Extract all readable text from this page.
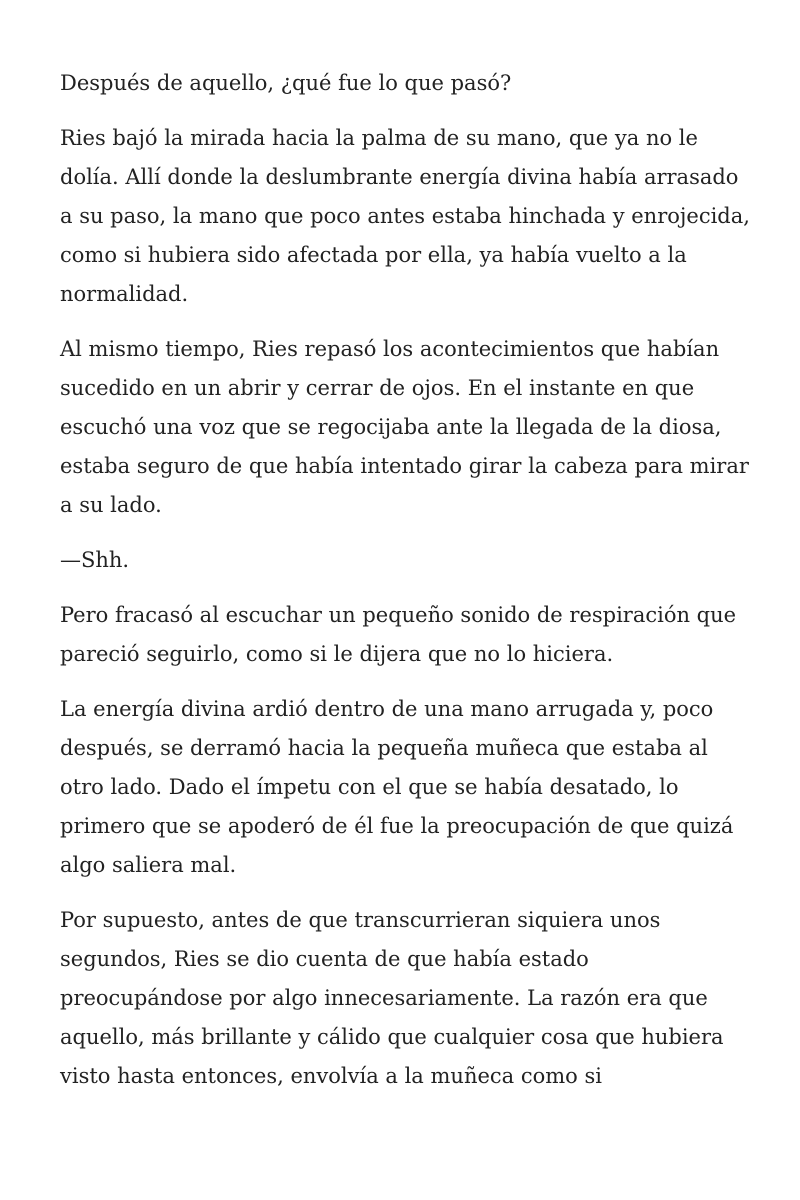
Después de aquello, ¿qué fue lo que pasó?

Ries bajó la mirada hacia la palma de su mano, que ya no le dolía. Allí donde la deslumbrante energía divina había arrasado a su paso, la mano que poco antes estaba hinchada y enrojecida, como si hubiera sido afectada por ella, ya había vuelto a la normalidad.

Al mismo tiempo, Ries repasó los acontecimientos que habían sucedido en un abrir y cerrar de ojos. En el instante en que escuchó una voz que se regocijaba ante la llegada de la diosa, estaba seguro de que había intentado girar la cabeza para mirar a su lado.

—Shh.

Pero fracasó al escuchar un pequeño sonido de respiración que pareció seguirlo, como si le dijera que no lo hiciera.

La energía divina ardió dentro de una mano arrugada y, poco después, se derramó hacia la pequeña muñeca que estaba al otro lado. Dado el ímpetu con el que se había desatado, lo primero que se apoderó de él fue la preocupación de que quizá algo saliera mal.

Por supuesto, antes de que transcurrieran siquiera unos segundos, Ries se dio cuenta de que había estado preocupándose por algo innecesariamente. La razón era que aquello, más brillante y cálido que cualquier cosa que hubiera visto hasta entonces, envolvía a la muñeca como si
